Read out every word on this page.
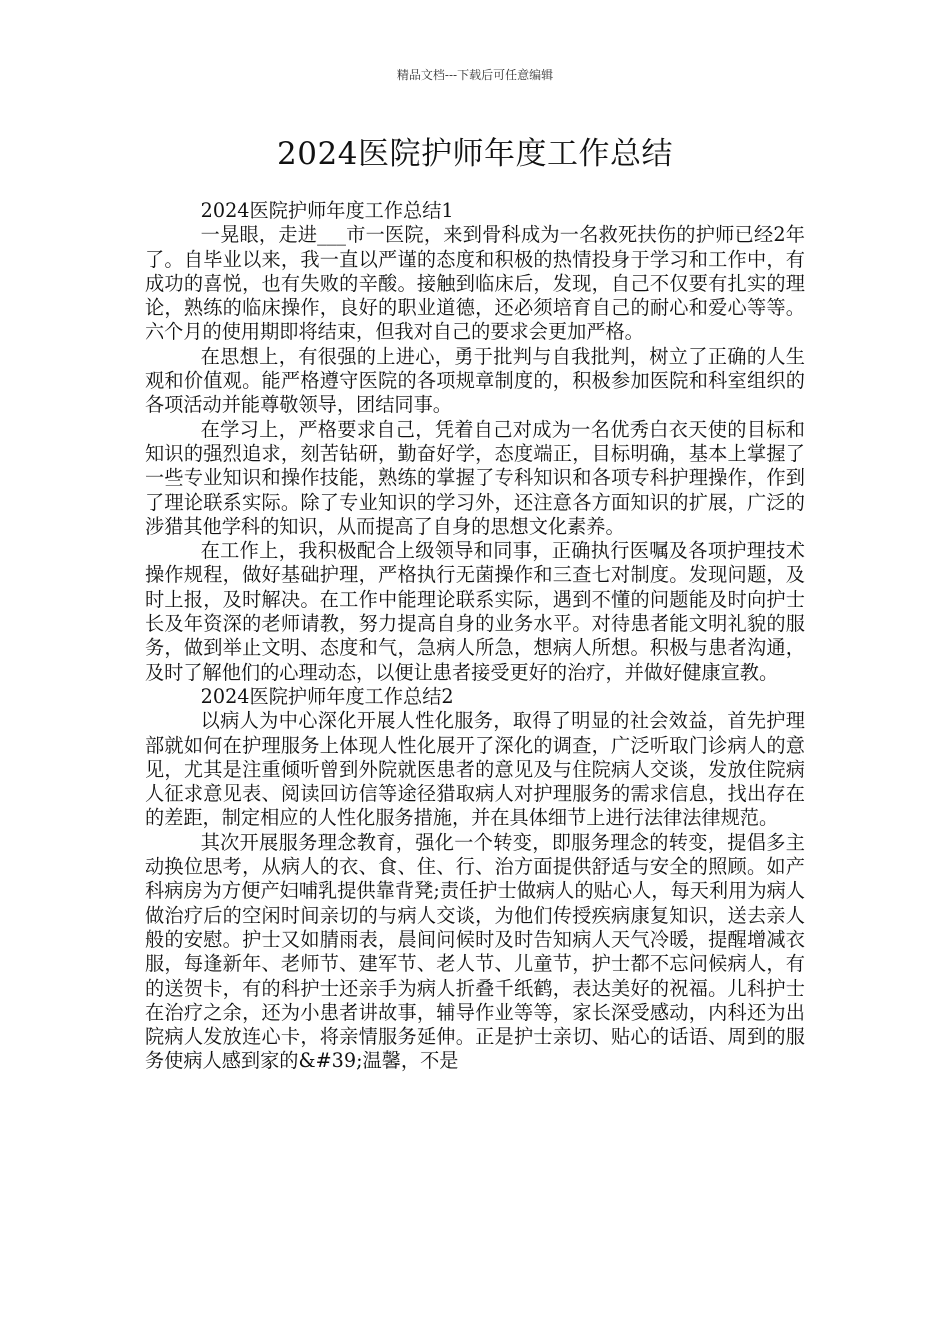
精品文档---下载后可任意编辑
2024医院护师年度工作总结

2024医院护师年度工作总结1

一晃眼，走进___市一医院，来到骨科成为一名救死扶伤的护师已经2年了。自毕业以来，我一直以严谨的态度和积极的热情投身于学习和工作中，有成功的喜悦，也有失败的辛酸。接触到临床后，发现，自己不仅要有扎实的理论，熟练的临床操作，良好的职业道德，还必须培育自己的耐心和爱心等等。六个月的使用期即将结束，但我对自己的要求会更加严格。

在思想上，有很强的上进心，勇于批判与自我批判，树立了正确的人生观和价值观。能严格遵守医院的各项规章制度的，积极参加医院和科室组织的各项活动并能尊敬领导，团结同事。

在学习上，严格要求自己，凭着自己对成为一名优秀白衣天使的目标和知识的强烈追求，刻苦钻研，勤奋好学，态度端正，目标明确，基本上掌握了一些专业知识和操作技能，熟练的掌握了专科知识和各项专科护理操作，作到了理论联系实际。除了专业知识的学习外，还注意各方面知识的扩展，广泛的涉猎其他学科的知识，从而提高了自身的思想文化素养。

在工作上，我积极配合上级领导和同事，正确执行医嘱及各项护理技术操作规程，做好基础护理，严格执行无菌操作和三查七对制度。发现问题，及时上报，及时解决。在工作中能理论联系实际，遇到不懂的问题能及时向护士长及年资深的老师请教，努力提高自身的业务水平。对待患者能文明礼貌的服务，做到举止文明、态度和气，急病人所急，想病人所想。积极与患者沟通，及时了解他们的心理动态，以便让患者接受更好的治疗，并做好健康宣教。

2024医院护师年度工作总结2

以病人为中心深化开展人性化服务，取得了明显的社会效益，首先护理部就如何在护理服务上体现人性化展开了深化的调查，广泛听取门诊病人的意见，尤其是注重倾听曾到外院就医患者的意见及与住院病人交谈，发放住院病人征求意见表、阅读回访信等途径猎取病人对护理服务的需求信息，找出存在的差距，制定相应的人性化服务措施，并在具体细节上进行法律法律规范。

其次开展服务理念教育，强化一个转变，即服务理念的转变，提倡多主动换位思考，从病人的衣、食、住、行、治方面提供舒适与安全的照顾。如产科病房为方便产妇哺乳提供靠背凳;责任护士做病人的贴心人，每天利用为病人做治疗后的空闲时间亲切的与病人交谈，为他们传授疾病康复知识，送去亲人般的安慰。护士又如腈雨表，晨间问候时及时告知病人天气冷暖，提醒增减衣服，每逢新年、老师节、建军节、老人节、儿童节，护士都不忘问候病人，有的送贺卡，有的科护士还亲手为病人折叠千纸鹤，表达美好的祝福。儿科护士在治疗之余，还为小患者讲故事，辅导作业等等，家长深受感动，内科还为出院病人发放连心卡，将亲情服务延伸。正是护士亲切、贴心的话语、周到的服务使病人感到家的&#39;温馨，不是
